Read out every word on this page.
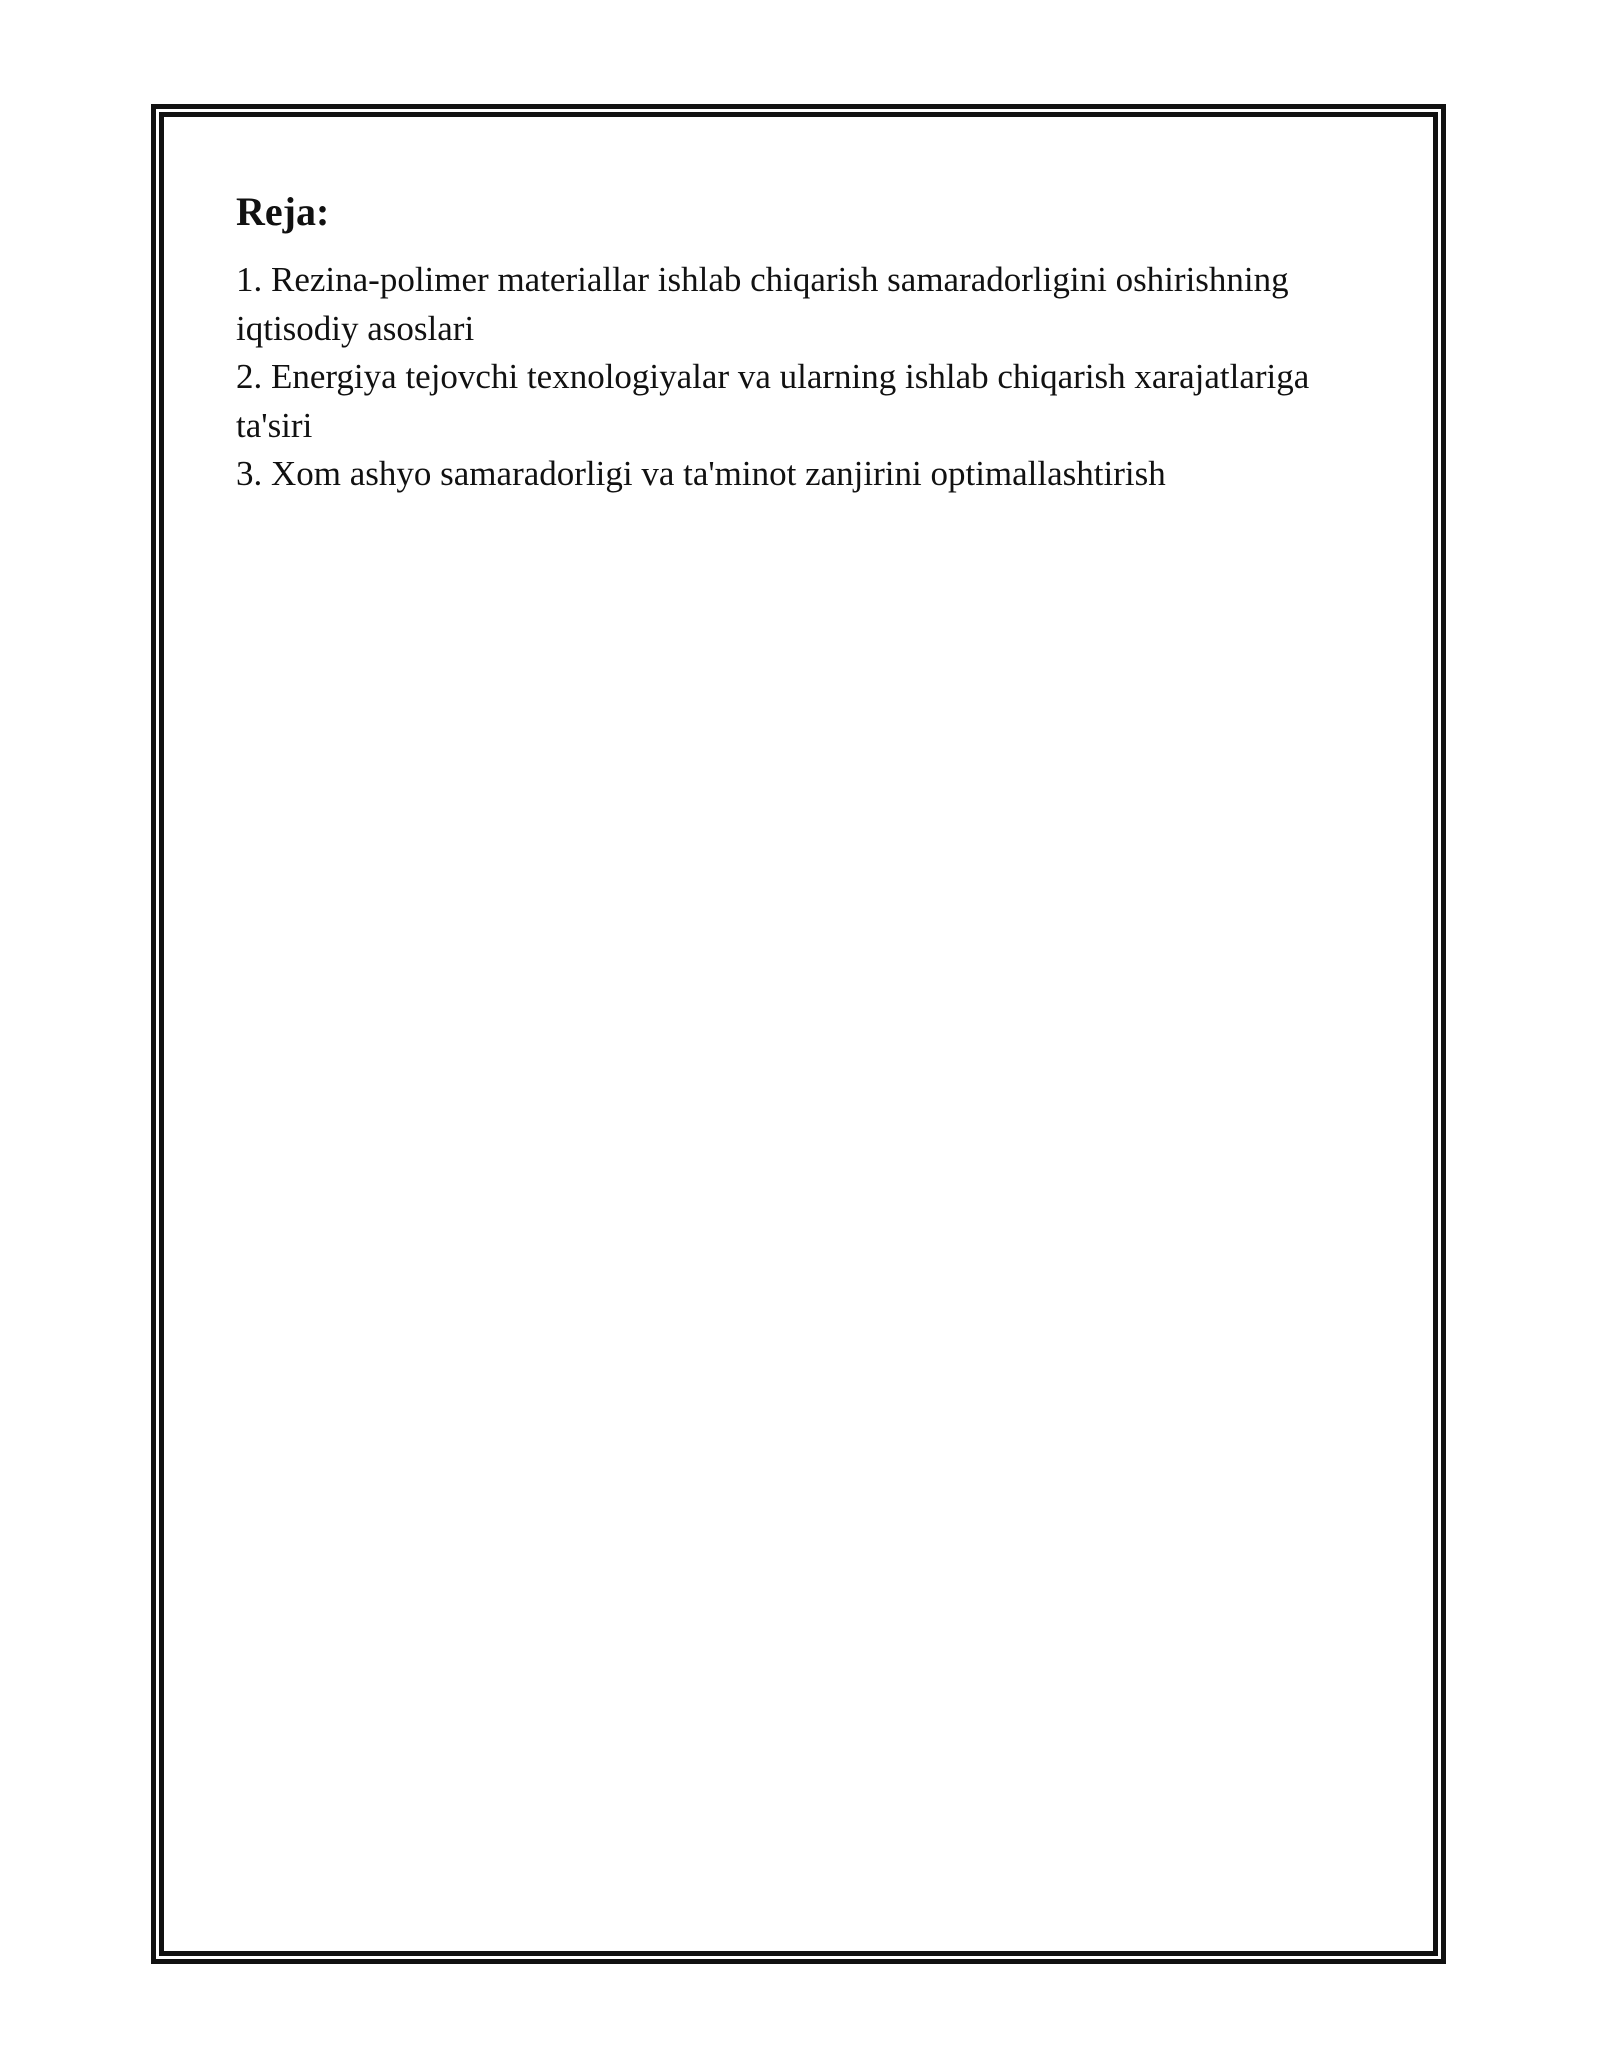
Reja:
1. Rezina-polimer materiallar ishlab chiqarish samaradorligini oshirishning iqtisodiy asoslari
2. Energiya tejovchi texnologiyalar va ularning ishlab chiqarish xarajatlariga ta'siri
3. Xom ashyo samaradorligi va ta'minot zanjirini optimallashtirish
